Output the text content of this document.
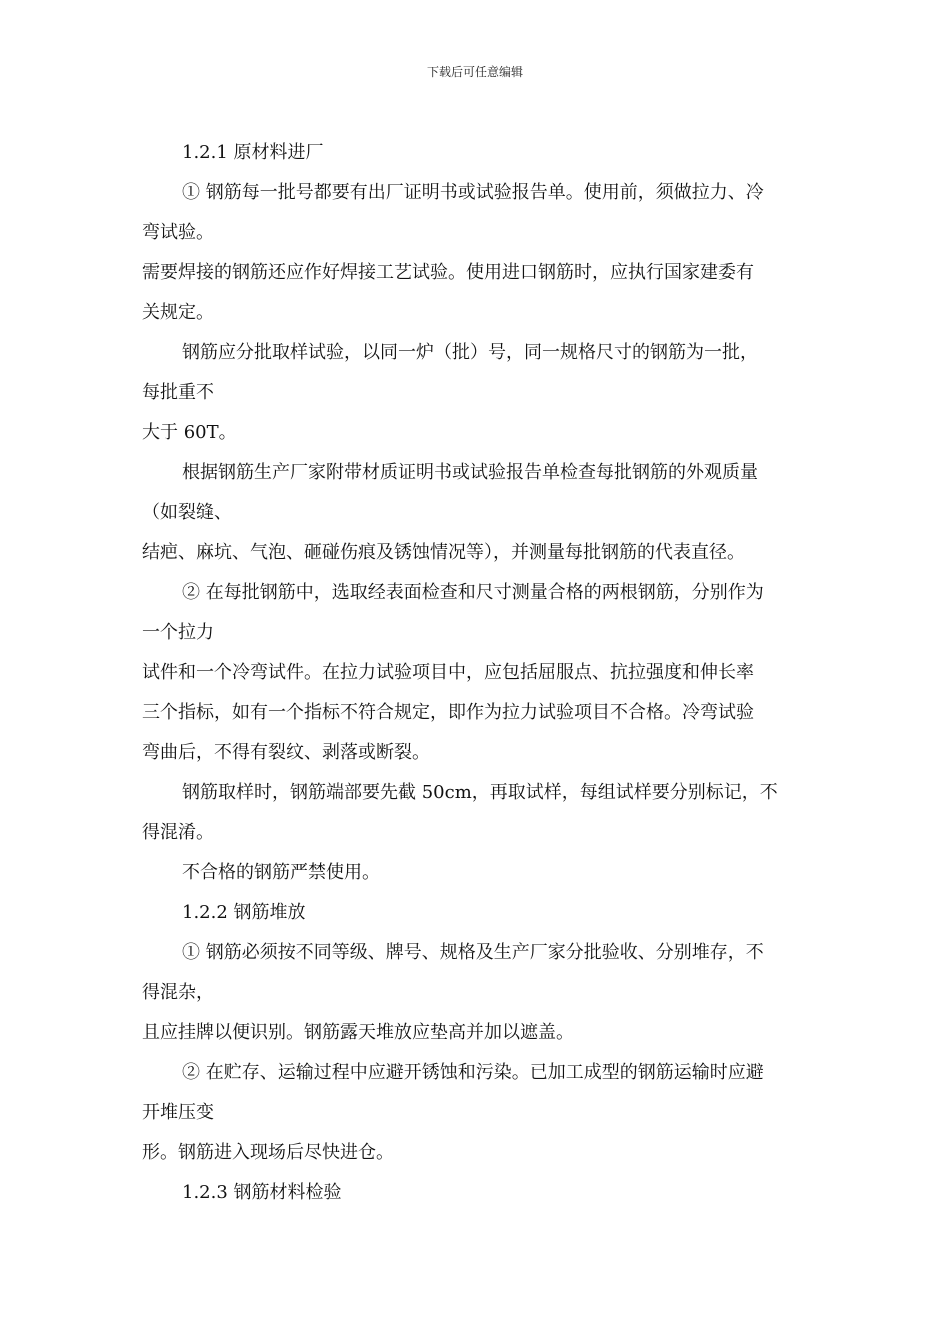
下载后可任意编辑
1.2.1 原材料进厂
① 钢筋每一批号都要有出厂证明书或试验报告单。使用前，须做拉力、冷
弯试验。
需要焊接的钢筋还应作好焊接工艺试验。使用进口钢筋时，应执行国家建委有
关规定。
钢筋应分批取样试验，以同一炉（批）号，同一规格尺寸的钢筋为一批，
每批重不
大于 60T。
根据钢筋生产厂家附带材质证明书或试验报告单检查每批钢筋的外观质量
（如裂缝、
结疤、麻坑、气泡、砸碰伤痕及锈蚀情况等），并测量每批钢筋的代表直径。
② 在每批钢筋中，选取经表面检查和尺寸测量合格的两根钢筋，分别作为
一个拉力
试件和一个冷弯试件。在拉力试验项目中，应包括屈服点、抗拉强度和伸长率
三个指标，如有一个指标不符合规定，即作为拉力试验项目不合格。冷弯试验
弯曲后，不得有裂纹、剥落或断裂。
钢筋取样时，钢筋端部要先截 50cm，再取试样，每组试样要分别标记，不
得混淆。
不合格的钢筋严禁使用。
1.2.2 钢筋堆放
① 钢筋必须按不同等级、牌号、规格及生产厂家分批验收、分别堆存，不
得混杂，
且应挂牌以便识别。钢筋露天堆放应垫高并加以遮盖。
② 在贮存、运输过程中应避开锈蚀和污染。已加工成型的钢筋运输时应避
开堆压变
形。钢筋进入现场后尽快进仓。
1.2.3 钢筋材料检验
